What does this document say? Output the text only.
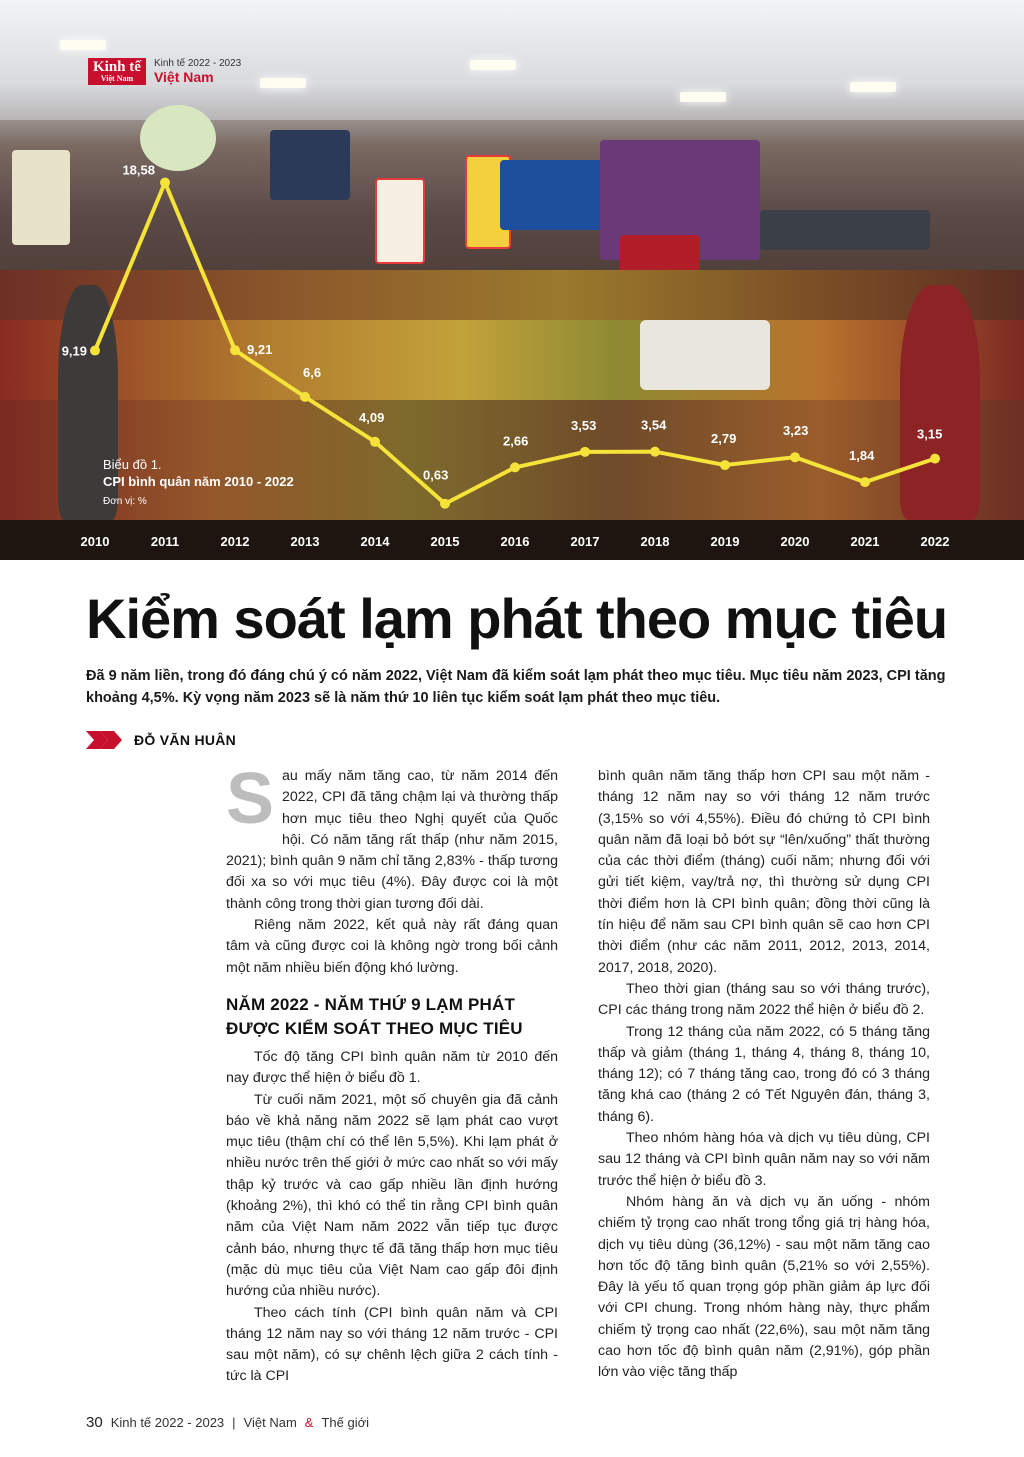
Kinh tế
Việt Nam
Kinh tế 2022 - 2023
Việt Nam
9,19
2010
18,58
2011
9,21
2012
6,6
2013
4,09
2014
0,63
2015
2,66
2016
3,53
2017
3,54
2018
2,79
2019
3,23
2020
1,84
2021
3,15
2022
Biểu đồ 1.
CPI bình quân năm 2010 - 2022
Đơn vị: %
Kiểm soát lạm phát theo mục tiêu
Đã 9 năm liền, trong đó đáng chú ý có năm 2022, Việt Nam đã kiểm soát lạm phát theo mục tiêu. Mục tiêu năm 2023, CPI tăng khoảng 4,5%. Kỳ vọng năm 2023 sẽ là năm thứ 10 liên tục kiểm soát lạm phát theo mục tiêu.
ĐỖ VĂN HUÂN

Sau mấy năm tăng cao, từ năm 2014 đến 2022, CPI đã tăng chậm lại và thường thấp hơn mục tiêu theo Nghị quyết của Quốc hội. Có năm tăng rất thấp (như năm 2015, 2021); bình quân 9 năm chỉ tăng 2,83% - thấp tương đối xa so với mục tiêu (4%). Đây được coi là một thành công trong thời gian tương đối dài.

Riêng năm 2022, kết quả này rất đáng quan tâm và cũng được coi là không ngờ trong bối cảnh một năm nhiều biến động khó lường.

NĂM 2022 - NĂM THỨ 9 LẠM PHÁT ĐƯỢC KIỂM SOÁT THEO MỤC TIÊU

Tốc độ tăng CPI bình quân năm từ 2010 đến nay được thể hiện ở biểu đồ 1.

Từ cuối năm 2021, một số chuyên gia đã cảnh báo về khả năng năm 2022 sẽ lạm phát cao vượt mục tiêu (thậm chí có thể lên 5,5%). Khi lạm phát ở nhiều nước trên thế giới ở mức cao nhất so với mấy thập kỷ trước và cao gấp nhiều lần định hướng (khoảng 2%), thì khó có thể tin rằng CPI bình quân năm của Việt Nam năm 2022 vẫn tiếp tục được cảnh báo, nhưng thực tế đã tăng thấp hơn mục tiêu (mặc dù mục tiêu của Việt Nam cao gấp đôi định hướng của nhiều nước).

Theo cách tính (CPI bình quân năm và CPI tháng 12 năm nay so với tháng 12 năm trước - CPI sau một năm), có sự chênh lệch giữa 2 cách tính - tức là CPI

bình quân năm tăng thấp hơn CPI sau một năm - tháng 12 năm nay so với tháng 12 năm trước (3,15% so với 4,55%). Điều đó chứng tỏ CPI bình quân năm đã loại bỏ bớt sự “lên/xuống” thất thường của các thời điểm (tháng) cuối năm; nhưng đối với gửi tiết kiệm, vay/trả nợ, thì thường sử dụng CPI thời điểm hơn là CPI bình quân; đồng thời cũng là tín hiệu để năm sau CPI bình quân sẽ cao hơn CPI thời điểm (như các năm 2011, 2012, 2013, 2014, 2017, 2018, 2020).

Theo thời gian (tháng sau so với tháng trước), CPI các tháng trong năm 2022 thể hiện ở biểu đồ 2.

Trong 12 tháng của năm 2022, có 5 tháng tăng thấp và giảm (tháng 1, tháng 4, tháng 8, tháng 10, tháng 12); có 7 tháng tăng cao, trong đó có 3 tháng tăng khá cao (tháng 2 có Tết Nguyên đán, tháng 3, tháng 6).

Theo nhóm hàng hóa và dịch vụ tiêu dùng, CPI sau 12 tháng và CPI bình quân năm nay so với năm trước thể hiện ở biểu đồ 3.

Nhóm hàng ăn và dịch vụ ăn uống - nhóm chiếm tỷ trọng cao nhất trong tổng giá trị hàng hóa, dịch vụ tiêu dùng (36,12%) - sau một năm tăng cao hơn tốc độ tăng bình quân (5,21% so với 2,55%). Đây là yếu tố quan trọng góp phần giảm áp lực đối với CPI chung. Trong nhóm hàng này, thực phẩm chiếm tỷ trọng cao nhất (22,6%), sau một năm tăng cao hơn tốc độ bình quân năm (2,91%), góp phần lớn vào việc tăng thấp

30 Kinh tế 2022 - 2023 | Việt Nam & Thế giới
